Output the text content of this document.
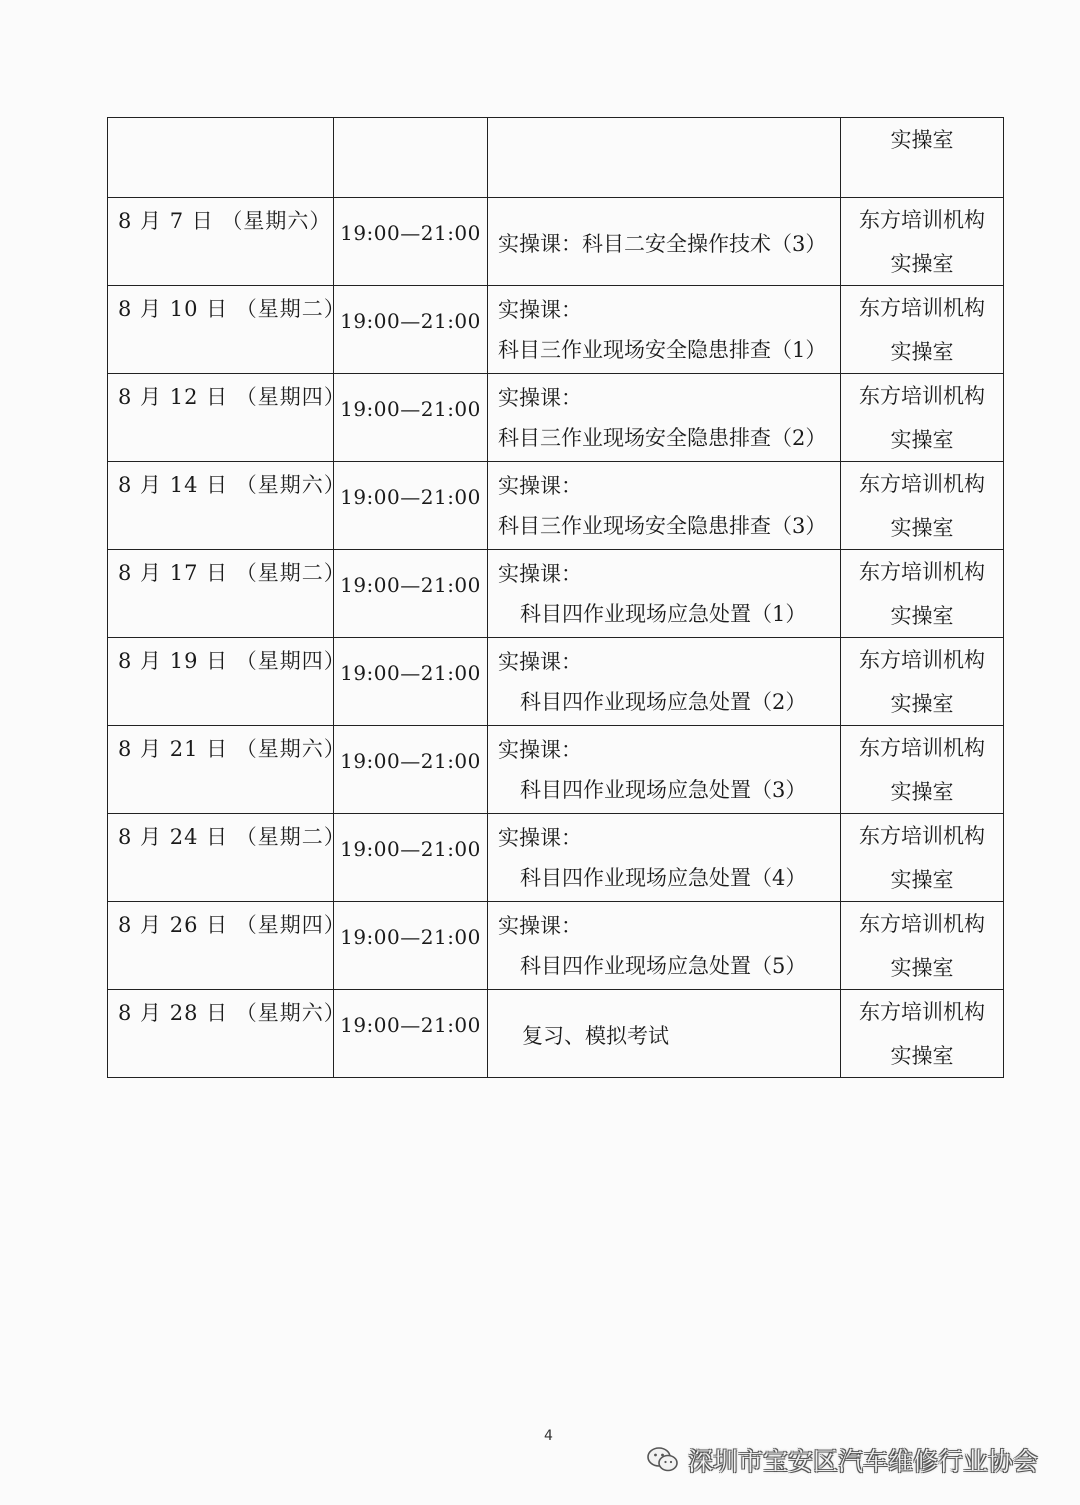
			实操室

8 月 7 日 （星期六）	19:00—21:00	实操课：科目二安全操作技术（3）	东方培训机构
实操室

8 月 10 日 （星期二）	19:00—21:00	实操课：
科目三作业现场安全隐患排查（1）	东方培训机构
实操室

8 月 12 日 （星期四）	19:00—21:00	实操课：
科目三作业现场安全隐患排查（2）	东方培训机构
实操室

8 月 14 日 （星期六）	19:00—21:00	实操课：
科目三作业现场安全隐患排查（3）	东方培训机构
实操室

8 月 17 日 （星期二）	19:00—21:00	实操课：
科目四作业现场应急处置（1）	东方培训机构
实操室

8 月 19 日 （星期四）	19:00—21:00	实操课：
科目四作业现场应急处置（2）	东方培训机构
实操室

8 月 21 日 （星期六）	19:00—21:00	实操课：
科目四作业现场应急处置（3）	东方培训机构
实操室

8 月 24 日 （星期二）	19:00—21:00	实操课：
科目四作业现场应急处置（4）	东方培训机构
实操室

8 月 26 日 （星期四）	19:00—21:00	实操课：
科目四作业现场应急处置（5）	东方培训机构
实操室

8 月 28 日 （星期六）	19:00—21:00	复习、模拟考试	东方培训机构
实操室
4
深圳市宝安区汽车维修行业协会
